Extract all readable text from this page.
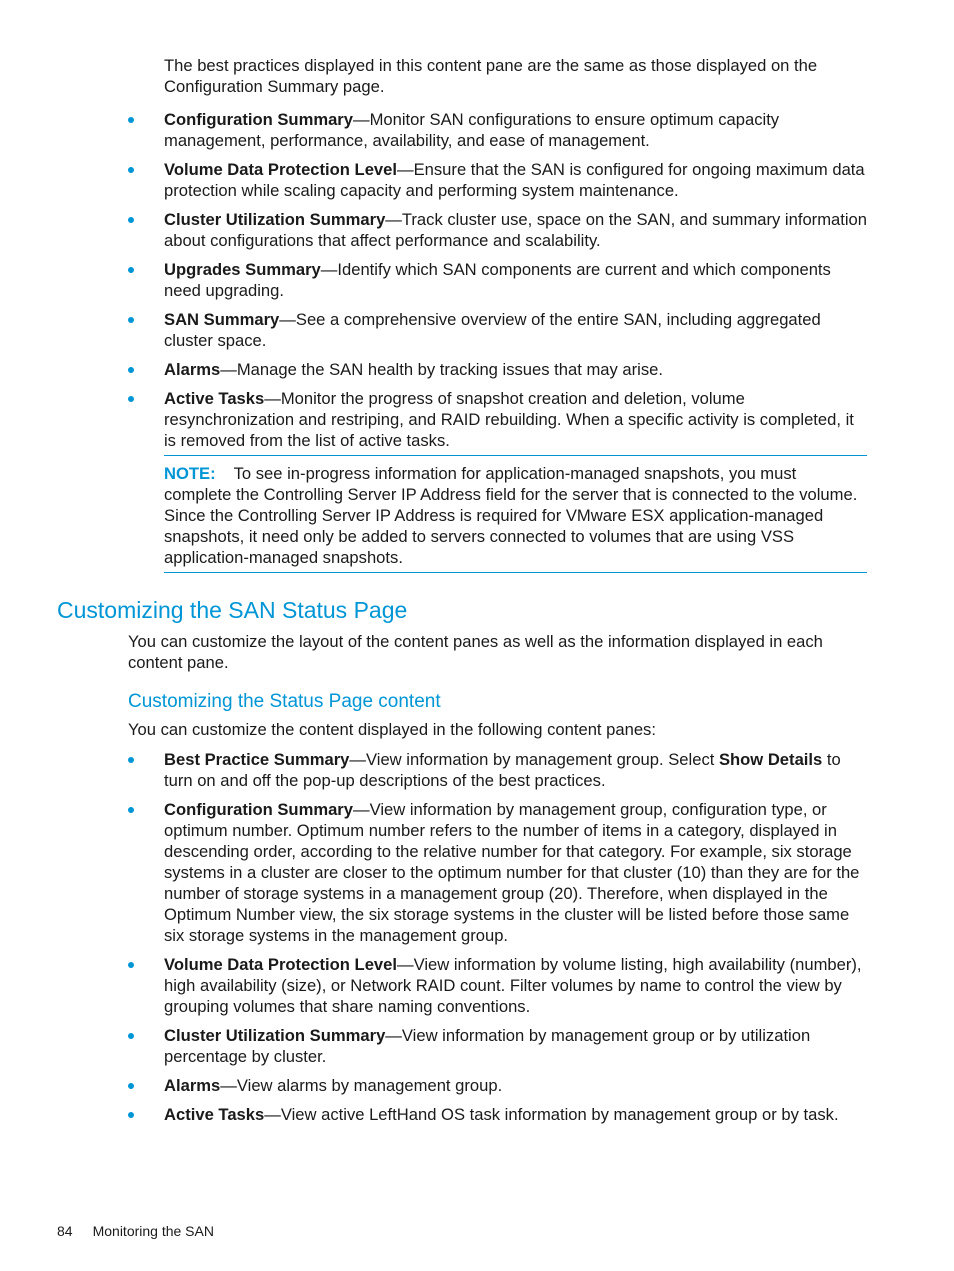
The best practices displayed in this content pane are the same as those displayed on the Configuration Summary page.

Configuration Summary—Monitor SAN configurations to ensure optimum capacity management, performance, availability, and ease of management.
Volume Data Protection Level—Ensure that the SAN is configured for ongoing maximum data protection while scaling capacity and performing system maintenance.
Cluster Utilization Summary—Track cluster use, space on the SAN, and summary information about configurations that affect performance and scalability.
Upgrades Summary—Identify which SAN components are current and which components need upgrading.
SAN Summary—See a comprehensive overview of the entire SAN, including aggregated cluster space.
Alarms—Manage the SAN health by tracking issues that may arise.
Active Tasks—Monitor the progress of snapshot creation and deletion, volume resynchronization and restriping, and RAID rebuilding. When a specific activity is completed, it is removed from the list of active tasks.
NOTE: To see in-progress information for application-managed snapshots, you must complete the Controlling Server IP Address field for the server that is connected to the volume. Since the Controlling Server IP Address is required for VMware ESX application-managed snapshots, it need only be added to servers connected to volumes that are using VSS application-managed snapshots.
Customizing the SAN Status Page

You can customize the layout of the content panes as well as the information displayed in each content pane.

Customizing the Status Page content

You can customize the content displayed in the following content panes:

Best Practice Summary—View information by management group. Select Show Details to turn on and off the pop-up descriptions of the best practices.
Configuration Summary—View information by management group, configuration type, or optimum number. Optimum number refers to the number of items in a category, displayed in descending order, according to the relative number for that category. For example, six storage systems in a cluster are closer to the optimum number for that cluster (10) than they are for the number of storage systems in a management group (20). Therefore, when displayed in the Optimum Number view, the six storage systems in the cluster will be listed before those same six storage systems in the management group.
Volume Data Protection Level—View information by volume listing, high availability (number), high availability (size), or Network RAID count. Filter volumes by name to control the view by grouping volumes that share naming conventions.
Cluster Utilization Summary—View information by management group or by utilization percentage by cluster.
Alarms—View alarms by management group.
Active Tasks—View active LeftHand OS task information by management group or by task.
84 Monitoring the SAN
